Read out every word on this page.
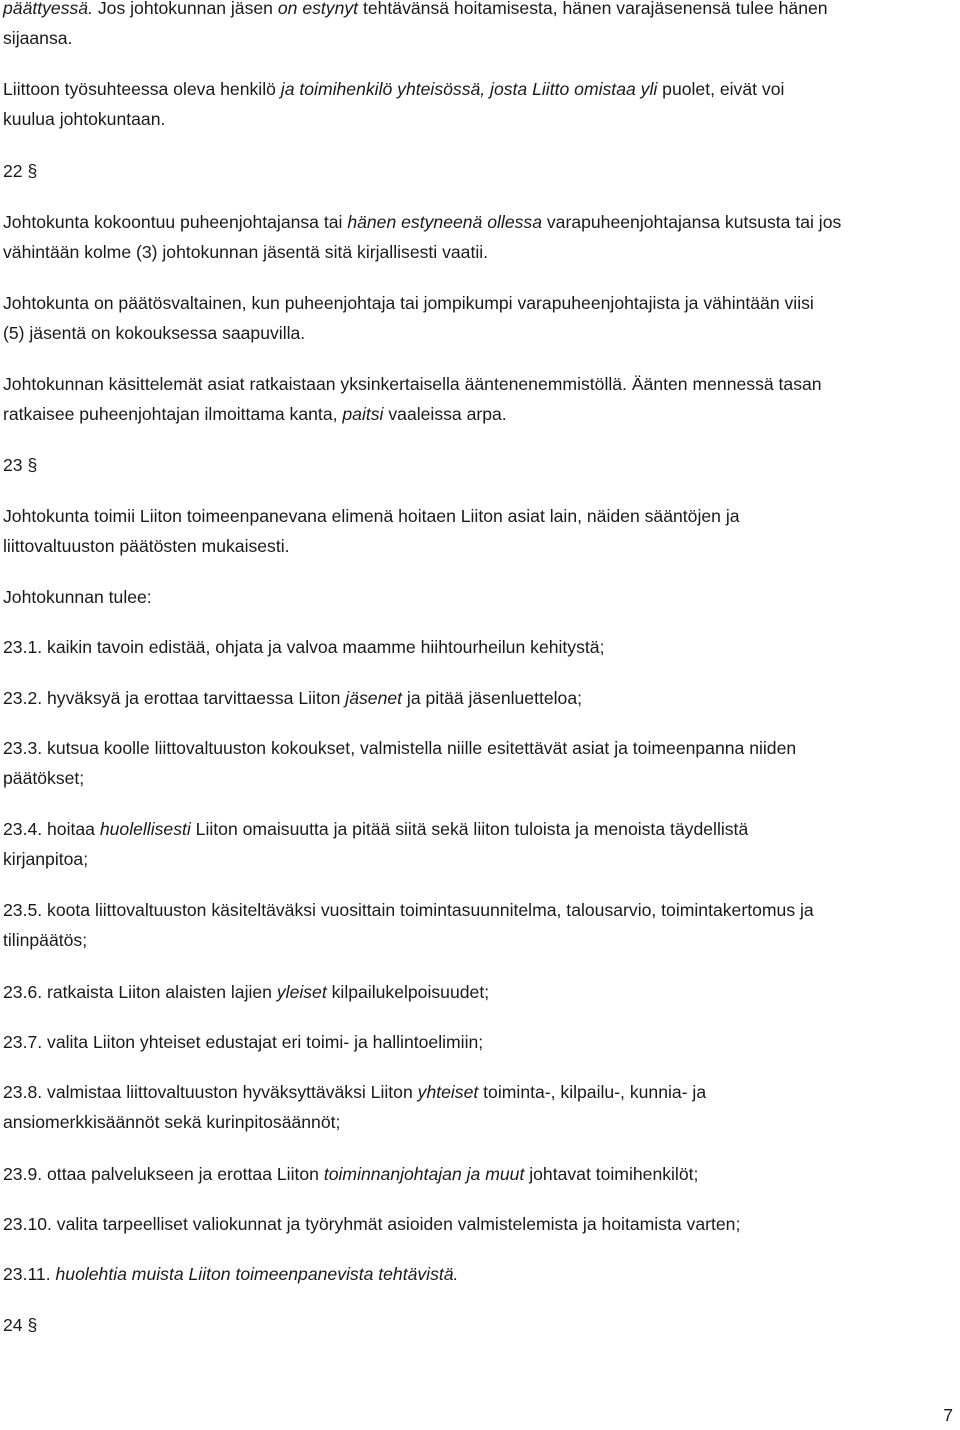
päättyessä. Jos johtokunnan jäsen on estynyt tehtävänsä hoitamisesta, hänen varajäsenensä tulee hänen
sijaansa.

Liittoon työsuhteessa oleva henkilö ja toimihenkilö yhteisössä, josta Liitto omistaa yli puolet, eivät voi
kuulua johtokuntaan.

22 §

Johtokunta kokoontuu puheenjohtajansa tai hänen estyneenä ollessa varapuheenjohtajansa kutsusta tai jos
vähintään kolme (3) johtokunnan jäsentä sitä kirjallisesti vaatii.

Johtokunta on päätösvaltainen, kun puheenjohtaja tai jompikumpi varapuheenjohtajista ja vähintään viisi
(5) jäsentä on kokouksessa saapuvilla.

Johtokunnan käsittelemät asiat ratkaistaan yksinkertaisella ääntenenemmistöllä. Äänten mennessä tasan
ratkaisee puheenjohtajan ilmoittama kanta, paitsi vaaleissa arpa.

23 §

Johtokunta toimii Liiton toimeenpanevana elimenä hoitaen Liiton asiat lain, näiden sääntöjen ja
liittovaltuuston päätösten mukaisesti.

Johtokunnan tulee:

23.1. kaikin tavoin edistää, ohjata ja valvoa maamme hiihtourheilun kehitystä;

23.2. hyväksyä ja erottaa tarvittaessa Liiton jäsenet ja pitää jäsenluetteloa;

23.3. kutsua koolle liittovaltuuston kokoukset, valmistella niille esitettävät asiat ja toimeenpanna niiden
päätökset;

23.4. hoitaa huolellisesti Liiton omaisuutta ja pitää siitä sekä liiton tuloista ja menoista täydellistä
kirjanpitoa;

23.5. koota liittovaltuuston käsiteltäväksi vuosittain toimintasuunnitelma, talousarvio, toimintakertomus ja
tilinpäätös;

23.6. ratkaista Liiton alaisten lajien yleiset kilpailukelpoisuudet;

23.7. valita Liiton yhteiset edustajat eri toimi- ja hallintoelimiin;

23.8. valmistaa liittovaltuuston hyväksyttäväksi Liiton yhteiset toiminta-, kilpailu-, kunnia- ja
ansiomerkkisäännöt sekä kurinpitosäännöt;

23.9. ottaa palvelukseen ja erottaa Liiton toiminnanjohtajan ja muut johtavat toimihenkilöt;

23.10. valita tarpeelliset valiokunnat ja työryhmät asioiden valmistelemista ja hoitamista varten;

23.11. huolehtia muista Liiton toimeenpanevista tehtävistä.

24 §
7
